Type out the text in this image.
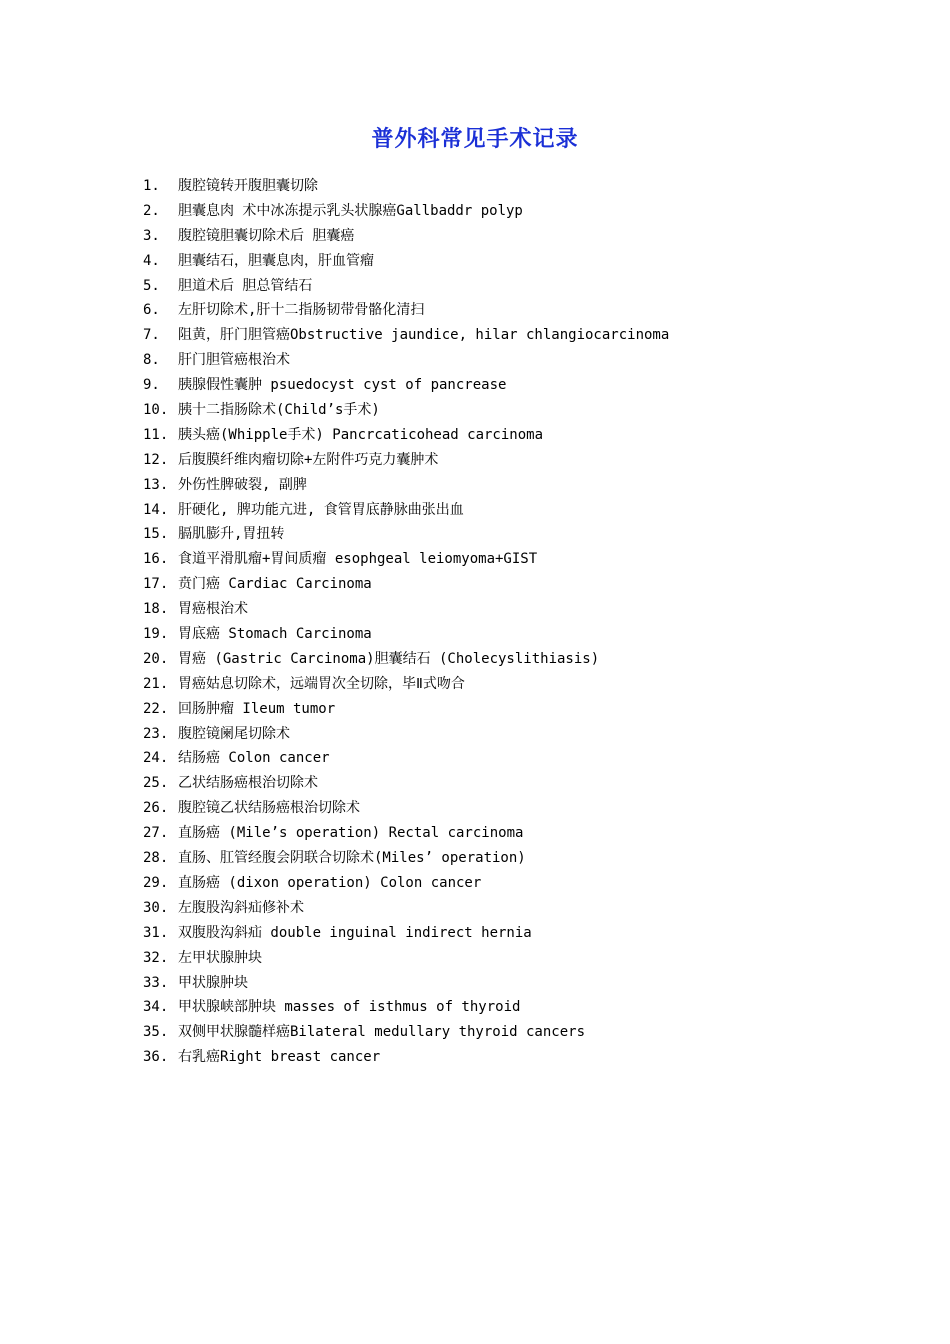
普外科常见手术记录
1.	腹腔镜转开腹胆囊切除
2.	胆囊息肉 术中冰冻提示乳头状腺癌Gallbaddr polyp
3.	腹腔镜胆囊切除术后 胆囊癌
4.	胆囊结石，胆囊息肉，肝血管瘤
5.	胆道术后 胆总管结石
6.	左肝切除术,肝十二指肠韧带骨骼化清扫
7.	阻黄，肝门胆管癌Obstructive jaundice, hilar chlangiocarcinoma
8.	肝门胆管癌根治术
9.	胰腺假性囊肿 psuedocyst cyst of pancrease
10. 胰十二指肠除术(Child’s手术)
11. 胰头癌(Whipple手术) Pancrcaticohead carcinoma
12. 后腹膜纤维肉瘤切除+左附件巧克力囊肿术
13. 外伤性脾破裂, 副脾
14. 肝硬化, 脾功能亢进, 食管胃底静脉曲张出血
15. 膈肌膨升,胃扭转
16. 食道平滑肌瘤+胃间质瘤 esophgeal leiomyoma+GIST
17. 贲门癌 Cardiac Carcinoma
18. 胃癌根治术
19. 胃底癌 Stomach Carcinoma
20. 胃癌 (Gastric Carcinoma)胆囊结石 (Cholecyslithiasis)
21. 胃癌姑息切除术，远端胃次全切除，毕Ⅱ式吻合
22. 回肠肿瘤 Ileum tumor
23. 腹腔镜阑尾切除术
24. 结肠癌 Colon cancer
25. 乙状结肠癌根治切除术
26. 腹腔镜乙状结肠癌根治切除术
27. 直肠癌 (Mile’s operation) Rectal carcinoma
28. 直肠、肛管经腹会阴联合切除术(Miles’ operation)
29. 直肠癌 (dixon operation) Colon cancer
30. 左腹股沟斜疝修补术
31. 双腹股沟斜疝 double inguinal indirect hernia
32. 左甲状腺肿块
33. 甲状腺肿块
34. 甲状腺峡部肿块 masses of isthmus of thyroid
35. 双侧甲状腺髓样癌Bilateral medullary thyroid cancers
36. 右乳癌Right breast cancer
